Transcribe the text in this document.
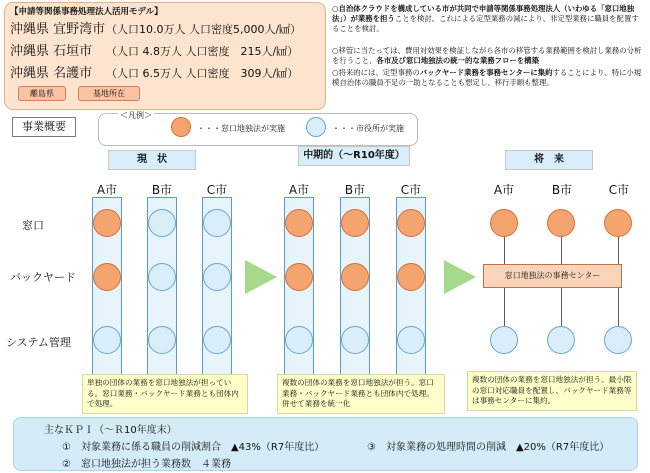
【申請等関係事務処理法人活用モデル】
沖縄県 宜野湾市（人口10.0万人 人口密度5,000人/㎢）
沖縄県 石垣市 （人口 4.8万人 人口密度　215人/㎢）
沖縄県 名護市 （人口 6.5万人 人口密度　309人/㎢）
離島県	基地所在
○自治体クラウドを構成している市が共同で申請等関係事務処理法人（いわゆる「窓口地独法」）が業務を担うことを検討。これによる定型業務の減により、非定型業務に職員を配置することを検討。
○移管に当たっては、費用対効果を検証しながら各市の移管する業務範囲を検討し業務の分析を行うこと、各市及び窓口地独法の統一的な業務フローを構築
○将来的には、定型事務のバックヤード業務を事務センターに集約することにより、特に小規模自治体の職員不足の一助となることも想定し、移行手順も整理。
事業概要
＜凡例＞
・・・窓口地独法が実施	・・・市役所が実施
現　状	中期的（～R10年度）	将　来
A市	B市	C市	A市	B市	C市	A市	B市	C市
窓口
バックヤード
システム管理
窓口地独法の事務センター
単独の団体の業務を窓口地独法が担っている。窓口業務・バックヤード業務とも団体内で処理。
複数の団体の業務を窓口地独法が担う。窓口業務・バックヤード業務とも団体内で処理。併せて業務を統一化
複数の団体の業務を窓口地独法が担う。最小限の窓口対応職員を配置し、バックヤード業務等は事務センターに集約。
主なＫＰＩ（～Ｒ10年度末）
①　対象業務に係る職員の削減割合　▲43%（R7年度比）
②　窓口地独法が担う業務数　４業務
③　対象業務の処理時間の削減　▲20%（R7年度比）
